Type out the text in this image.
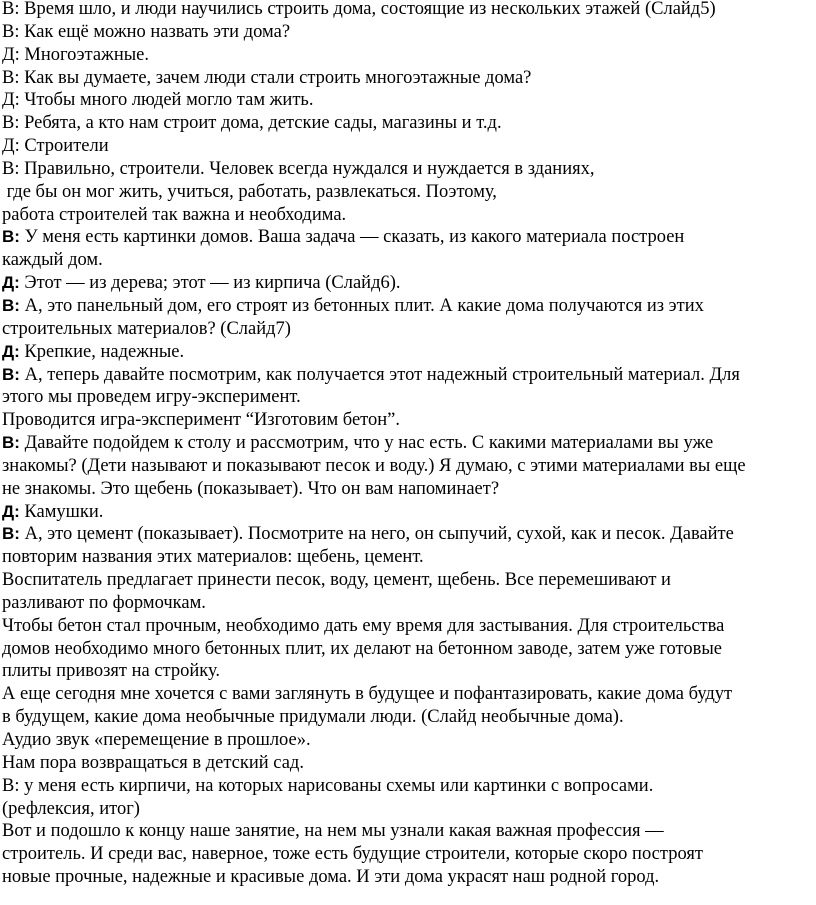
В: Время шло, и люди научились строить дома, состоящие из нескольких этажей (Слайд5)
В: Как ещё можно назвать эти дома?
Д: Многоэтажные.
В: Как вы думаете, зачем люди стали строить многоэтажные дома?
Д: Чтобы много людей могло там жить.
В: Ребята, а кто нам строит дома, детские сады, магазины и т.д.
Д: Строители
В: Правильно, строители. Человек всегда нуждался и нуждается в зданиях,
где бы он мог жить, учиться, работать, развлекаться. Поэтому,
работа строителей так важна и необходима.
В: У меня есть картинки домов. Ваша задача — сказать, из какого материала построен
каждый дом.
Д: Этот — из дерева; этот — из кирпича (Слайд6).
В: А, это панельный дом, его строят из бетонных плит. А какие дома получаются из этих
строительных материалов? (Слайд7)
Д: Крепкие, надежные.
В: А, теперь давайте посмотрим, как получается этот надежный строительный материал. Для
этого мы проведем игру-эксперимент.
Проводится игра-эксперимент “Изготовим бетон”.
В: Давайте подойдем к столу и рассмотрим, что у нас есть. С какими материалами вы уже
знакомы? (Дети называют и показывают песок и воду.) Я думаю, с этими материалами вы еще
не знакомы. Это щебень (показывает). Что он вам напоминает?
Д: Камушки.
В: А, это цемент (показывает). Посмотрите на него, он сыпучий, сухой, как и песок. Давайте
повторим названия этих материалов: щебень, цемент.
Воспитатель предлагает принести песок, воду, цемент, щебень. Все перемешивают и
разливают по формочкам.
Чтобы бетон стал прочным, необходимо дать ему время для застывания. Для строительства
домов необходимо много бетонных плит, их делают на бетонном заводе, затем уже готовые
плиты привозят на стройку.
А еще сегодня мне хочется с вами заглянуть в будущее и пофантазировать, какие дома будут
в будущем, какие дома необычные придумали люди. (Слайд необычные дома).
Аудио звук «перемещение в прошлое».
Нам пора возвращаться в детский сад.
В: у меня есть кирпичи, на которых нарисованы схемы или картинки с вопросами.
(рефлексия, итог)
Вот и подошло к концу наше занятие, на нем мы узнали какая важная профессия —
строитель. И среди вас, наверное, тоже есть будущие строители, которые скоро построят
новые прочные, надежные и красивые дома. И эти дома украсят наш родной город.
